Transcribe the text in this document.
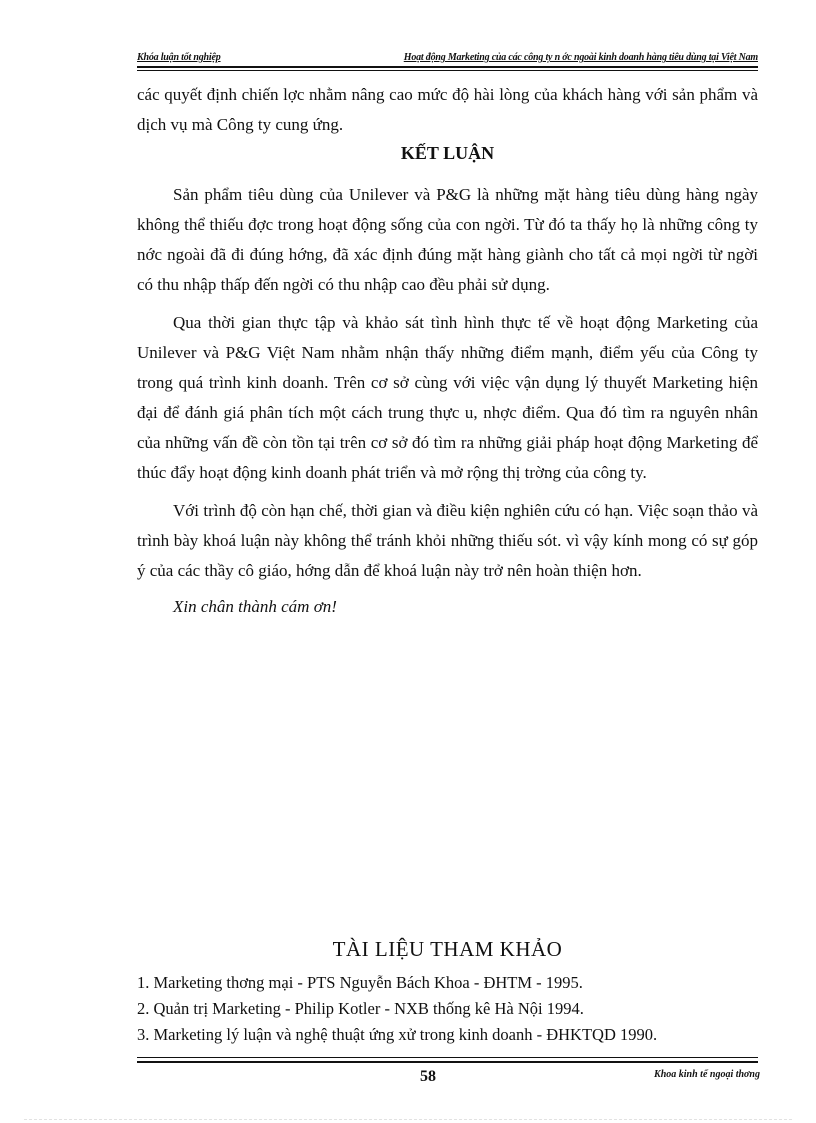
Khóa luận tốt nghiệp	Hoạt động Marketing của các công ty n ớc ngoài kinh doanh hàng tiêu dùng tại Việt Nam

các quyết định chiến lợc nhằm nâng cao mức độ hài lòng của khách hàng với sản phẩm và dịch vụ mà Công ty cung ứng.

KẾT LUẬN

Sản phẩm tiêu dùng của Unilever và P&G là những mặt hàng tiêu dùng hàng ngày không thể thiếu đợc trong hoạt động sống của con ngời. Từ đó ta thấy họ là những công ty nớc ngoài đã đi đúng hớng, đã xác định đúng mặt hàng giành cho tất cả mọi ngời từ ngời có thu nhập thấp đến ngời có thu nhập cao đều phải sử dụng.

Qua thời gian thực tập và khảo sát tình hình thực tế về hoạt động Marketing của Unilever và P&G Việt Nam nhằm nhận thấy những điểm mạnh, điểm yếu của Công ty trong quá trình kinh doanh. Trên cơ sở cùng với việc vận dụng lý thuyết Marketing hiện đại để đánh giá phân tích một cách trung thực u, nhợc điểm. Qua đó tìm ra nguyên nhân của những vấn đề còn tồn tại trên cơ sở đó tìm ra những giải pháp hoạt động Marketing để thúc đẩy hoạt động kinh doanh phát triển và mở rộng thị trờng của công ty.

Với trình độ còn hạn chế, thời gian và điều kiện nghiên cứu có hạn. Việc soạn thảo và trình bày khoá luận này không thể tránh khỏi những thiếu sót. vì vậy kính mong có sự góp ý của các thầy cô giáo, hớng dẫn để khoá luận này trở nên hoàn thiện hơn.

Xin chân thành cám ơn!

TÀI LIỆU THAM KHẢO
1. Marketing thơng mại - PTS Nguyễn Bách Khoa - ĐHTM - 1995.
2. Quản trị Marketing - Philip Kotler - NXB thống kê Hà Nội 1994.
3. Marketing lý luận và nghệ thuật ứng xử trong kinh doanh - ĐHKTQD 1990.
58	Khoa kinh tế ngoại thơng
